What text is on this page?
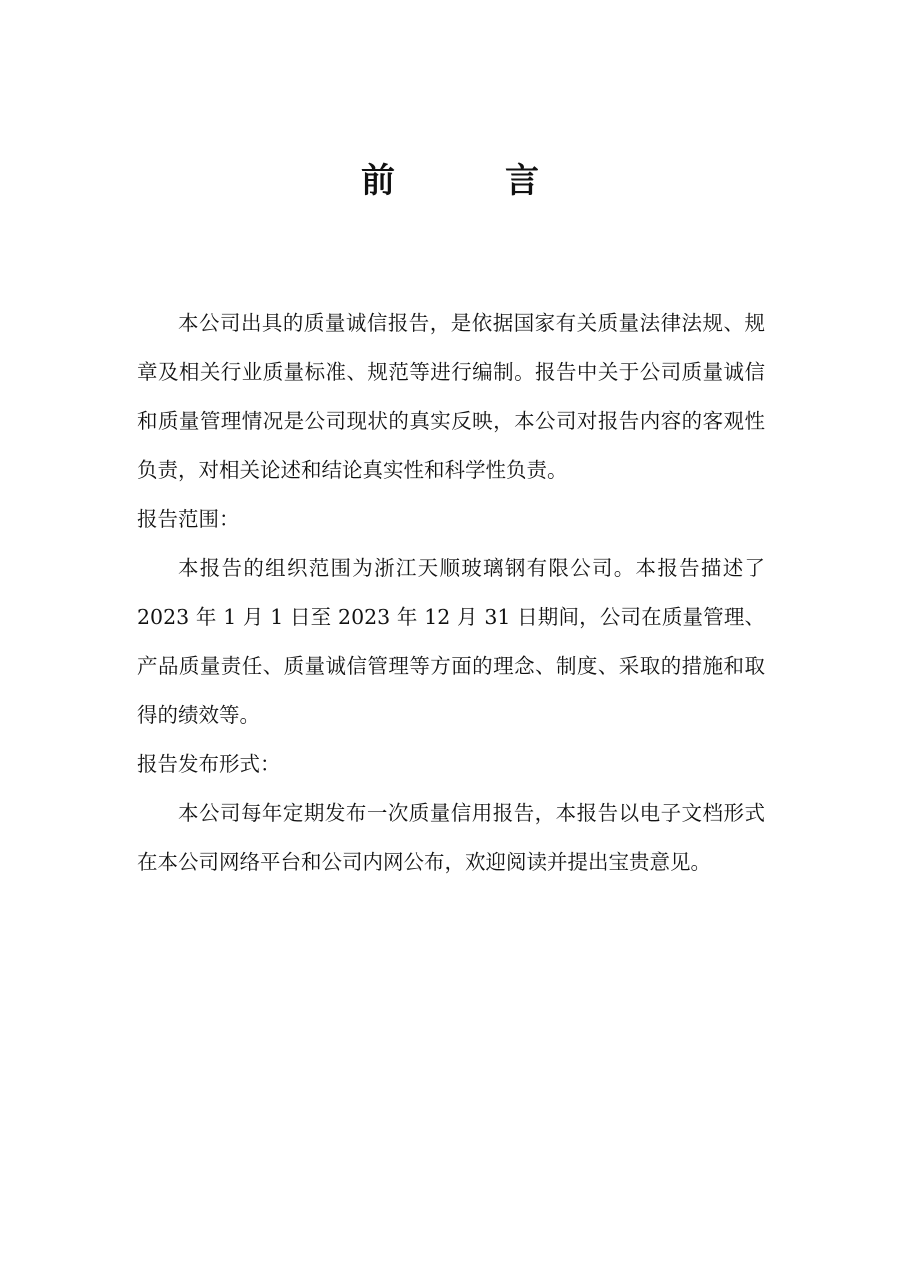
前　言

本公司出具的质量诚信报告，是依据国家有关质量法律法规、规章及相关行业质量标准、规范等进行编制。报告中关于公司质量诚信和质量管理情况是公司现状的真实反映，本公司对报告内容的客观性负责，对相关论述和结论真实性和科学性负责。

报告范围：

本报告的组织范围为浙江天顺玻璃钢有限公司。本报告描述了2023 年 1 月 1 日至 2023 年 12 月 31 日期间，公司在质量管理、产品质量责任、质量诚信管理等方面的理念、制度、采取的措施和取得的绩效等。

报告发布形式：

本公司每年定期发布一次质量信用报告，本报告以电子文档形式在本公司网络平台和公司内网公布，欢迎阅读并提出宝贵意见。
